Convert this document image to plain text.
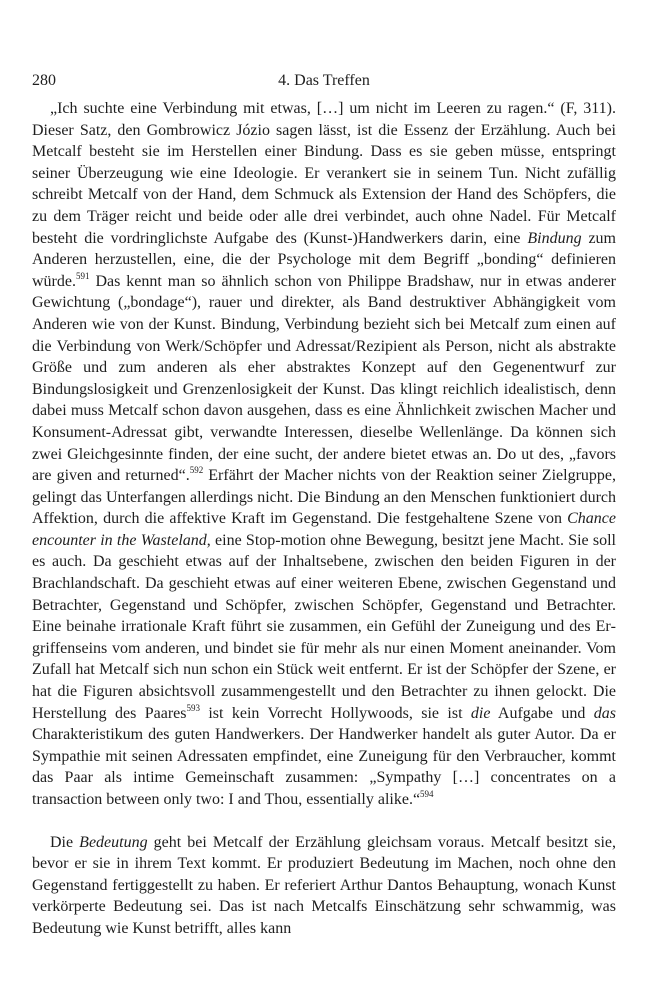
280	4. Das Treffen

„Ich suchte eine Verbindung mit etwas, […] um nicht im Leeren zu ragen.“ (F, 311). Dieser Satz, den Gombrowicz Józio sagen lässt, ist die Essenz der Erzählung. Auch bei Metcalf besteht sie im Herstellen einer Bindung. Dass es sie geben müsse, entspringt seiner Überzeugung wie eine Ideologie. Er verankert sie in seinem Tun. Nicht zufällig schreibt Metcalf von der Hand, dem Schmuck als Extension der Hand des Schöpfers, die zu dem Träger reicht und beide oder alle drei verbindet, auch ohne Nadel. Für Metcalf besteht die vordringlichste Aufgabe des (Kunst-)Handwerkers darin, eine Bindung zum Anderen herzustellen, eine, die der Psychologe mit dem Begriff „bonding“ definieren würde.$^{591}$ Das kennt man so ähnlich schon von Philippe Bradshaw, nur in etwas anderer Gewichtung („bondage“), rauer und direkter, als Band destruktiver Abhängigkeit vom Anderen wie von der Kunst. Bindung, Verbindung bezieht sich bei Metcalf zum einen auf die Verbindung von Werk/Schöpfer und Adressat/Rezipient als Person, nicht als abstrakte Größe und zum anderen als eher abstraktes Konzept auf den Gegenentwurf zur Bindungslosigkeit und Grenzenlosigkeit der Kunst. Das klingt reichlich idealistisch, denn dabei muss Metcalf schon davon ausgehen, dass es eine Ähnlichkeit zwischen Macher und Konsument-Adressat gibt, verwandte Interessen, dieselbe Wellenlänge. Da können sich zwei Gleichgesinnte finden, der eine sucht, der andere bietet etwas an. Do ut des, „favors are given and returned“.$^{592}$ Erfährt der Macher nichts von der Reaktion seiner Zielgruppe, gelingt das Unterfangen allerdings nicht. Die Bindung an den Menschen funktioniert durch Affektion, durch die affektive Kraft im Gegenstand. Die festgehaltene Szene von Chance encounter in the Wasteland, eine Stop-motion ohne Bewegung, besitzt jene Macht. Sie soll es auch. Da geschieht etwas auf der Inhaltsebene, zwischen den beiden Figuren in der Brachlandschaft. Da geschieht etwas auf einer weiteren Ebene, zwischen Gegenstand und Betrachter, Gegenstand und Schöpfer, zwischen Schöpfer, Gegenstand und Betrachter. Eine beinahe irrationale Kraft führt sie zusammen, ein Gefühl der Zuneigung und des Ergriffenseins vom anderen, und bindet sie für mehr als nur einen Moment aneinander. Vom Zufall hat Metcalf sich nun schon ein Stück weit entfernt. Er ist der Schöpfer der Szene, er hat die Figuren absichtsvoll zusammengestellt und den Betrachter zu ihnen gelockt. Die Herstellung des Paares$^{593}$ ist kein Vorrecht Hollywoods, sie ist die Aufgabe und das Charakteristikum des guten Handwerkers. Der Handwerker handelt als guter Autor. Da er Sympathie mit seinen Adressaten empfindet, eine Zuneigung für den Verbraucher, kommt das Paar als intime Gemeinschaft zusammen: „Sympathy […] concentrates on a transaction between only two: I and Thou, essentially alike.“$^{594}$

Die Bedeutung geht bei Metcalf der Erzählung gleichsam voraus. Metcalf besitzt sie, bevor er sie in ihrem Text kommt. Er produziert Bedeutung im Machen, noch ohne den Gegenstand fertiggestellt zu haben. Er referiert Arthur Dantos Behauptung, wonach Kunst verkörperte Bedeutung sei. Das ist nach Metcalfs Einschätzung sehr schwammig, was Bedeutung wie Kunst betrifft, alles kann
